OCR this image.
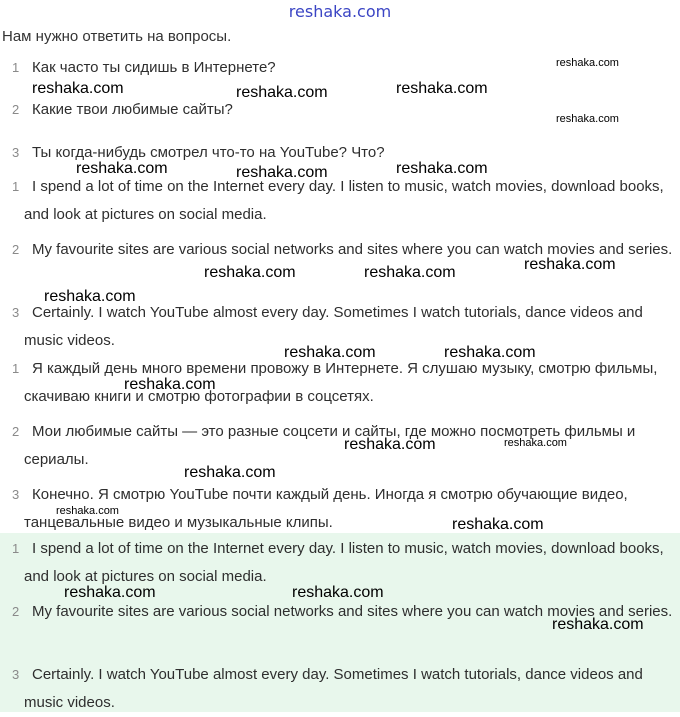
reshaka.com
Нам нужно ответить на вопросы.
1 Как часто ты сидишь в Интернете?
2 Какие твои любимые сайты?
3 Ты когда-нибудь смотрел что-то на YouTube? Что?
1 I spend a lot of time on the Internet every day. I listen to music, watch movies, download books, and look at pictures on social media.
2 My favourite sites are various social networks and sites where you can watch movies and series.
3 Certainly. I watch YouTube almost every day. Sometimes I watch tutorials, dance videos and music videos.
1 Я каждый день много времени провожу в Интернете. Я слушаю музыку, смотрю фильмы, скачиваю книги и смотрю фотографии в соцсетях.
2 Мои любимые сайты — это разные соцсети и сайты, где можно посмотреть фильмы и сериалы.
3 Конечно. Я смотрю YouTube почти каждый день. Иногда я смотрю обучающие видео, танцевальные видео и музыкальные клипы.
1 I spend a lot of time on the Internet every day. I listen to music, watch movies, download books, and look at pictures on social media.
2 My favourite sites are various social networks and sites where you can watch movies and series.
3 Certainly. I watch YouTube almost every day. Sometimes I watch tutorials, dance videos and music videos.
reshaka.com
reshaka.com	reshaka.com	reshaka.com
reshaka.com
reshaka.com	reshaka.com	reshaka.com
reshaka.com	reshaka.com	reshaka.com
reshaka.com
reshaka.com	reshaka.com
reshaka.com
reshaka.com	reshaka.com
reshaka.com
reshaka.com
reshaka.com
reshaka.com	reshaka.com
reshaka.com
